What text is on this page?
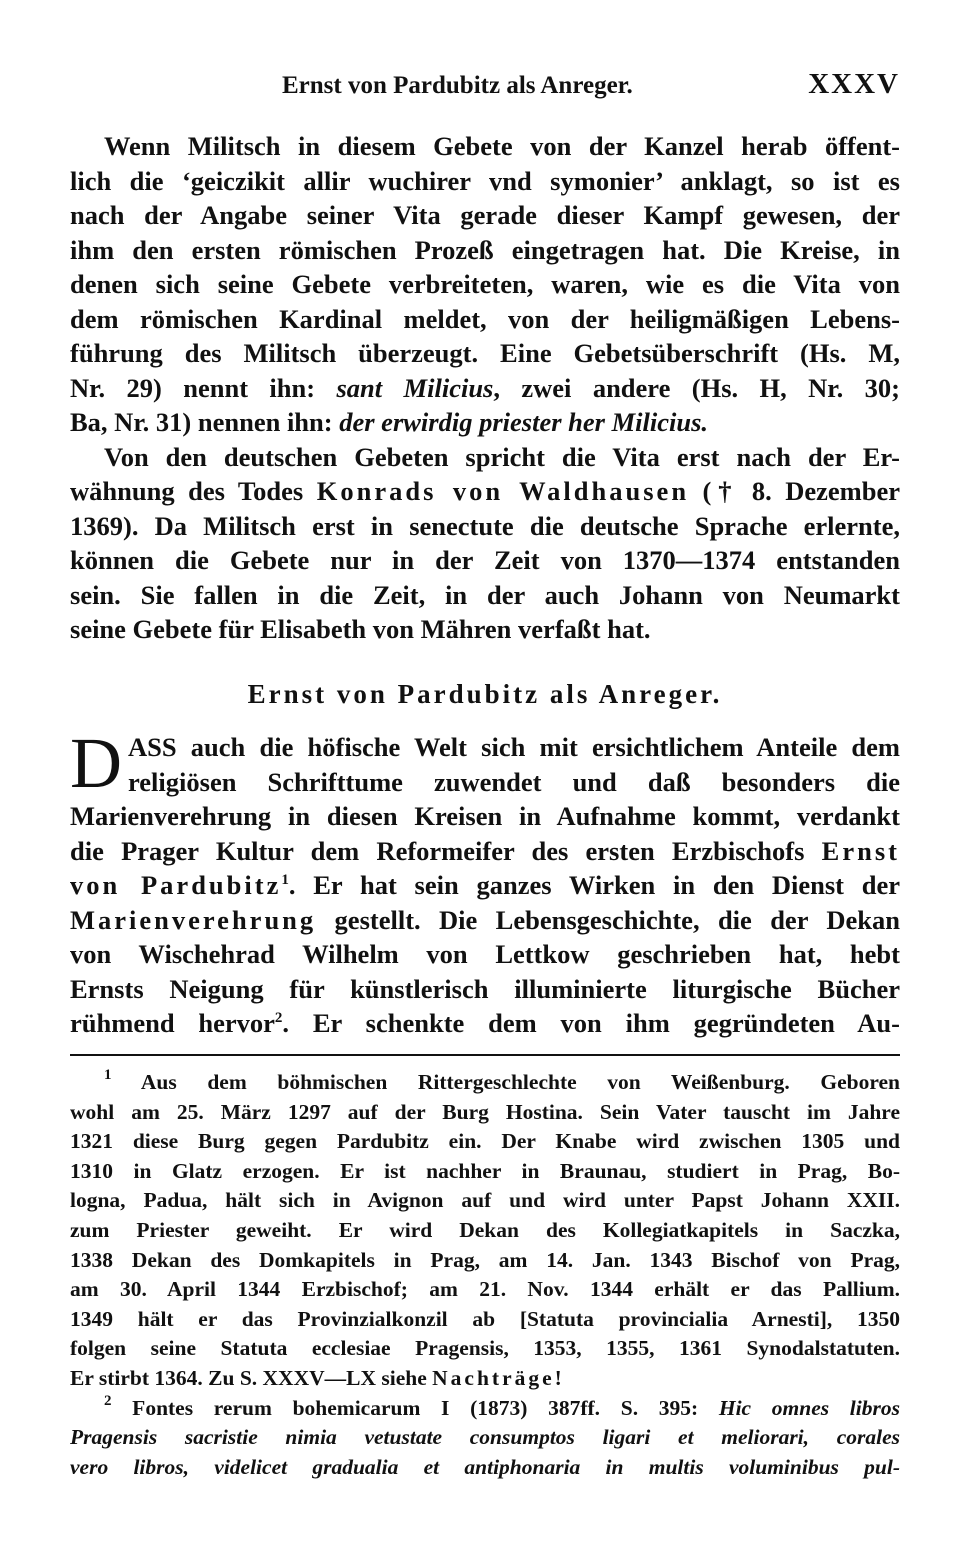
Ernst von Pardubitz als Anreger.	XXXV

Wenn Militsch in diesem Gebete von der Kanzel herab öffent-
lich die ‘geiczikit allir wuchirer vnd symonier’ anklagt, so ist es
nach der Angabe seiner Vita gerade dieser Kampf gewesen, der
ihm den ersten römischen Prozeß eingetragen hat. Die Kreise, in
denen sich seine Gebete verbreiteten, waren, wie es die Vita von
dem römischen Kardinal meldet, von der heiligmäßigen Lebens-
führung des Militsch überzeugt. Eine Gebetsüberschrift (Hs. M,
Nr. 29) nennt ihn: sant Milicius, zwei andere (Hs. H, Nr. 30;
Ba, Nr. 31) nennen ihn: der erwirdig priester her Milicius.

Von den deutschen Gebeten spricht die Vita erst nach der Er-
wähnung des Todes Konrads von Waldhausen († 8. Dezember
1369). Da Militsch erst in senectute die deutsche Sprache erlernte,
können die Gebete nur in der Zeit von 1370—1374 entstanden
sein. Sie fallen in die Zeit, in der auch Johann von Neumarkt
seine Gebete für Elisabeth von Mähren verfaßt hat.

Ernst von Pardubitz als Anreger.

D ASS auch die höfische Welt sich mit ersichtlichem Anteile dem
religiösen Schrifttume zuwendet und daß besonders die
Marienverehrung in diesen Kreisen in Aufnahme kommt, verdankt
die Prager Kultur dem Reformeifer des ersten Erzbischofs Ernst
von Pardubitz$^1$. Er hat sein ganzes Wirken in den Dienst der
Marienverehrung gestellt. Die Lebensgeschichte, die der Dekan
von Wischehrad Wilhelm von Lettkow geschrieben hat, hebt
Ernsts Neigung für künstlerisch illuminierte liturgische Bücher
rühmend hervor$^2$. Er schenkte dem von ihm gegründeten Au-

$^1$ Aus dem böhmischen Rittergeschlechte von Weißenburg. Geboren
wohl am 25. März 1297 auf der Burg Hostina. Sein Vater tauscht im Jahre
1321 diese Burg gegen Pardubitz ein. Der Knabe wird zwischen 1305 und
1310 in Glatz erzogen. Er ist nachher in Braunau, studiert in Prag, Bo-
logna, Padua, hält sich in Avignon auf und wird unter Papst Johann XXII.
zum Priester geweiht. Er wird Dekan des Kollegiatkapitels in Saczka,
1338 Dekan des Domkapitels in Prag, am 14. Jan. 1343 Bischof von Prag,
am 30. April 1344 Erzbischof; am 21. Nov. 1344 erhält er das Pallium.
1349 hält er das Provinzialkonzil ab [Statuta provincialia Arnesti], 1350
folgen seine Statuta ecclesiae Pragensis, 1353, 1355, 1361 Synodalstatuten.
Er stirbt 1364. Zu S. XXXV—LX siehe Nachträge!

$^2$ Fontes rerum bohemicarum I (1873) 387ff. S. 395: Hic omnes libros
Pragensis sacristie nimia vetustate consumptos ligari et meliorari, corales
vero libros, videlicet gradualia et antiphonaria in multis voluminibus pul-
